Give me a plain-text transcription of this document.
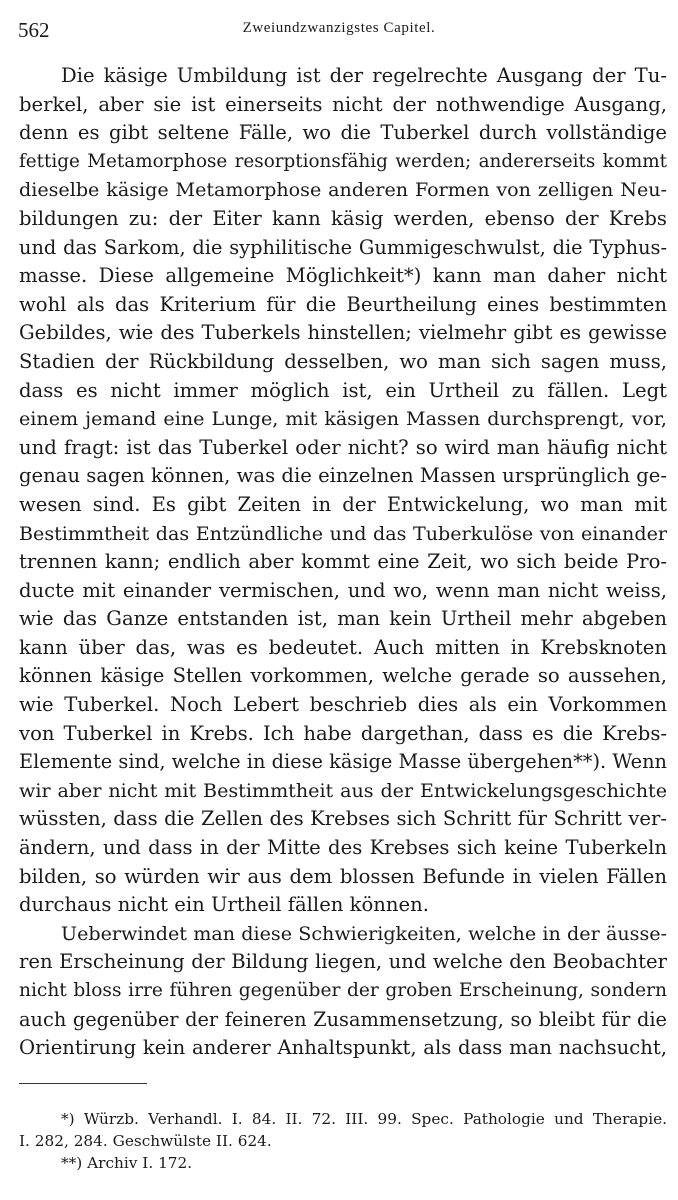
562	Zweiundzwanzigstes Capitel.
Die käsige Umbildung ist der regelrechte Ausgang der Tu-
berkel, aber sie ist einerseits nicht der nothwendige Ausgang,
denn es gibt seltene Fälle, wo die Tuberkel durch vollständige
fettige Metamorphose resorptionsfähig werden; andererseits kommt
dieselbe käsige Metamorphose anderen Formen von zelligen Neu-
bildungen zu: der Eiter kann käsig werden, ebenso der Krebs
und das Sarkom, die syphilitische Gummigeschwulst, die Typhus-
masse. Diese allgemeine Möglichkeit*) kann man daher nicht
wohl als das Kriterium für die Beurtheilung eines bestimmten
Gebildes, wie des Tuberkels hinstellen; vielmehr gibt es gewisse
Stadien der Rückbildung desselben, wo man sich sagen muss,
dass es nicht immer möglich ist, ein Urtheil zu fällen. Legt
einem jemand eine Lunge, mit käsigen Massen durchsprengt, vor,
und fragt: ist das Tuberkel oder nicht? so wird man häufig nicht
genau sagen können, was die einzelnen Massen ursprünglich ge-
wesen sind. Es gibt Zeiten in der Entwickelung, wo man mit
Bestimmtheit das Entzündliche und das Tuberkulöse von einander
trennen kann; endlich aber kommt eine Zeit, wo sich beide Pro-
ducte mit einander vermischen, und wo, wenn man nicht weiss,
wie das Ganze entstanden ist, man kein Urtheil mehr abgeben
kann über das, was es bedeutet. Auch mitten in Krebsknoten
können käsige Stellen vorkommen, welche gerade so aussehen,
wie Tuberkel. Noch Lebert beschrieb dies als ein Vorkommen
von Tuberkel in Krebs. Ich habe dargethan, dass es die Krebs-
Elemente sind, welche in diese käsige Masse übergehen**). Wenn
wir aber nicht mit Bestimmtheit aus der Entwickelungsgeschichte
wüssten, dass die Zellen des Krebses sich Schritt für Schritt ver-
ändern, und dass in der Mitte des Krebses sich keine Tuberkeln
bilden, so würden wir aus dem blossen Befunde in vielen Fällen
durchaus nicht ein Urtheil fällen können.
Ueberwindet man diese Schwierigkeiten, welche in der äusse-
ren Erscheinung der Bildung liegen, und welche den Beobachter
nicht bloss irre führen gegenüber der groben Erscheinung, sondern
auch gegenüber der feineren Zusammensetzung, so bleibt für die
Orientirung kein anderer Anhaltspunkt, als dass man nachsucht,
*) Würzb. Verhandl. I. 84. II. 72. III. 99. Spec. Pathologie und Therapie.
I. 282, 284. Geschwülste II. 624.
**) Archiv I. 172.
